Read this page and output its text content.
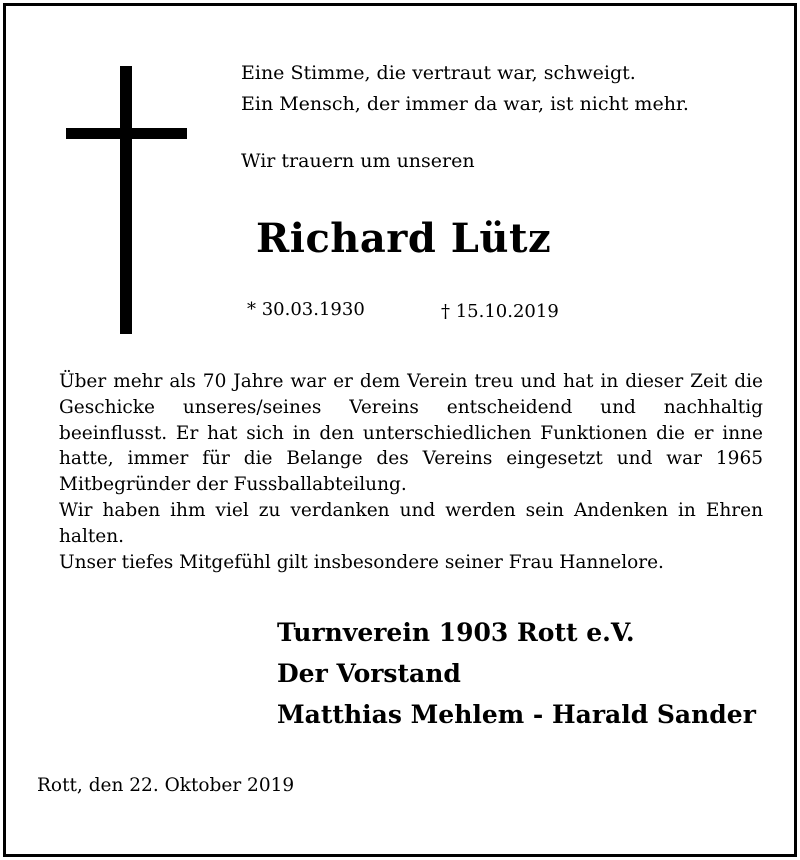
Eine Stimme, die vertraut war, schweigt.
Ein Mensch, der immer da war, ist nicht mehr.
Wir trauern um unseren
Richard Lütz
* 30.03.1930	† 15.10.2019

Über mehr als 70 Jahre war er dem Verein treu und hat in dieser Zeit die Geschicke unseres/seines Vereins entscheidend und nachhaltig beeinflusst. Er hat sich in den unterschiedlichen Funktionen die er inne hatte, immer für die Belange des Vereins eingesetzt und war 1965 Mitbegründer der Fussballabteilung.

Wir haben ihm viel zu verdanken und werden sein Andenken in Ehren halten.

Unser tiefes Mitgefühl gilt insbesondere seiner Frau Hannelore.

Turnverein 1903 Rott e.V.
Der Vorstand
Matthias Mehlem - Harald Sander
Rott, den 22. Oktober 2019
